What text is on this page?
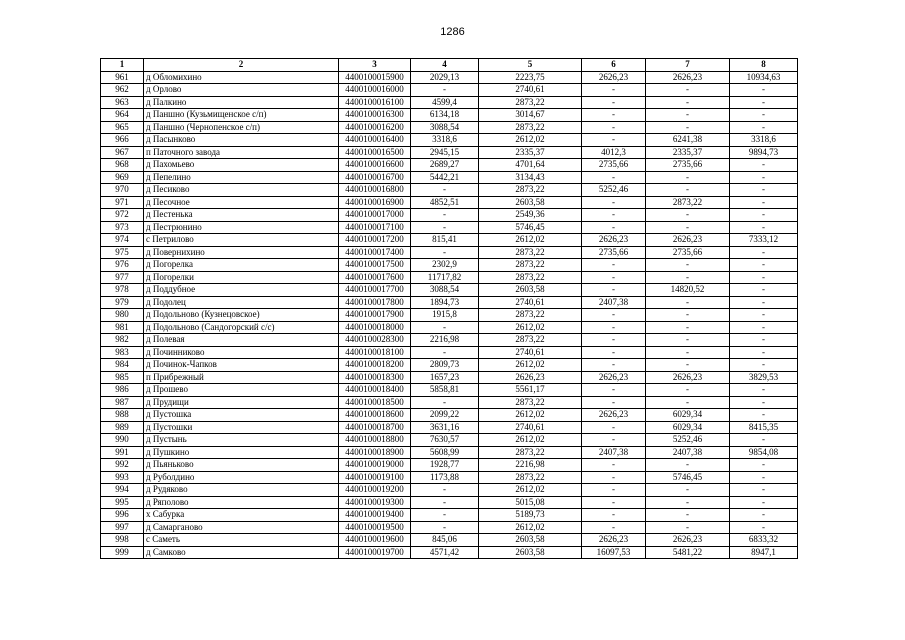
1286
1	2	3	4	5	6	7	8
961	д Обломихино	4400100015900	2029,13	2223,75	2626,23	2626,23	10934,63
962	д Орлово	4400100016000	-	2740,61	-	-	-
963	д Палкино	4400100016100	4599,4	2873,22	-	-	-
964	д Паншно (Кузьмищенское с/п)	4400100016300	6134,18	3014,67	-	-	-
965	д Паншно (Чернопенское с/п)	4400100016200	3088,54	2873,22	-	-	-
966	д Пасынково	4400100016400	3318,6	2612,02	-	6241,38	3318,6
967	п Паточного завода	4400100016500	2945,15	2335,37	4012,3	2335,37	9894,73
968	д Пахомьево	4400100016600	2689,27	4701,64	2735,66	2735,66	-
969	д Пепелино	4400100016700	5442,21	3134,43	-	-	-
970	д Песиково	4400100016800	-	2873,22	5252,46	-	-
971	д Песочное	4400100016900	4852,51	2603,58	-	2873,22	-
972	д Пестенька	4400100017000	-	2549,36	-	-	-
973	д Пестрюнино	4400100017100	-	5746,45	-	-	-
974	с Петрилово	4400100017200	815,41	2612,02	2626,23	2626,23	7333,12
975	д Повернихино	4400100017400	-	2873,22	2735,66	2735,66	-
976	д Погорелка	4400100017500	2302,9	2873,22	-	-	-
977	д Погорелки	4400100017600	11717,82	2873,22	-	-	-
978	д Поддубное	4400100017700	3088,54	2603,58	-	14820,52	-
979	д Подолец	4400100017800	1894,73	2740,61	2407,38	-	-
980	д Подольново (Кузнецовское)	4400100017900	1915,8	2873,22	-	-	-
981	д Подольново (Сандогорский с/с)	4400100018000	-	2612,02	-	-	-
982	д Полевая	4400100028300	2216,98	2873,22	-	-	-
983	д Починниково	4400100018100	-	2740,61	-	-	-
984	д Починок-Чапков	4400100018200	2809,73	2612,02	-	-	-
985	п Прибрежный	4400100018300	1657,23	2626,23	2626,23	2626,23	3829,53
986	д Прошево	4400100018400	5858,81	5561,17	-	-	-
987	д Прудищи	4400100018500	-	2873,22	-	-	-
988	д Пустошка	4400100018600	2099,22	2612,02	2626,23	6029,34	-
989	д Пустошки	4400100018700	3631,16	2740,61	-	6029,34	8415,35
990	д Пустынь	4400100018800	7630,57	2612,02	-	5252,46	-
991	д Пушкино	4400100018900	5608,99	2873,22	2407,38	2407,38	9854,08
992	д Пьяньково	4400100019000	1928,77	2216,98	-	-	-
993	д Руболдино	4400100019100	1173,88	2873,22	-	5746,45	-
994	д Рудяково	4400100019200	-	2612,02	-	-	-
995	д Ряполово	4400100019300	-	5015,08	-	-	-
996	х Сабурка	4400100019400	-	5189,73	-	-	-
997	д Самарганово	4400100019500	-	2612,02	-	-	-
998	с Саметь	4400100019600	845,06	2603,58	2626,23	2626,23	6833,32
999	д Самково	4400100019700	4571,42	2603,58	16097,53	5481,22	8947,1
